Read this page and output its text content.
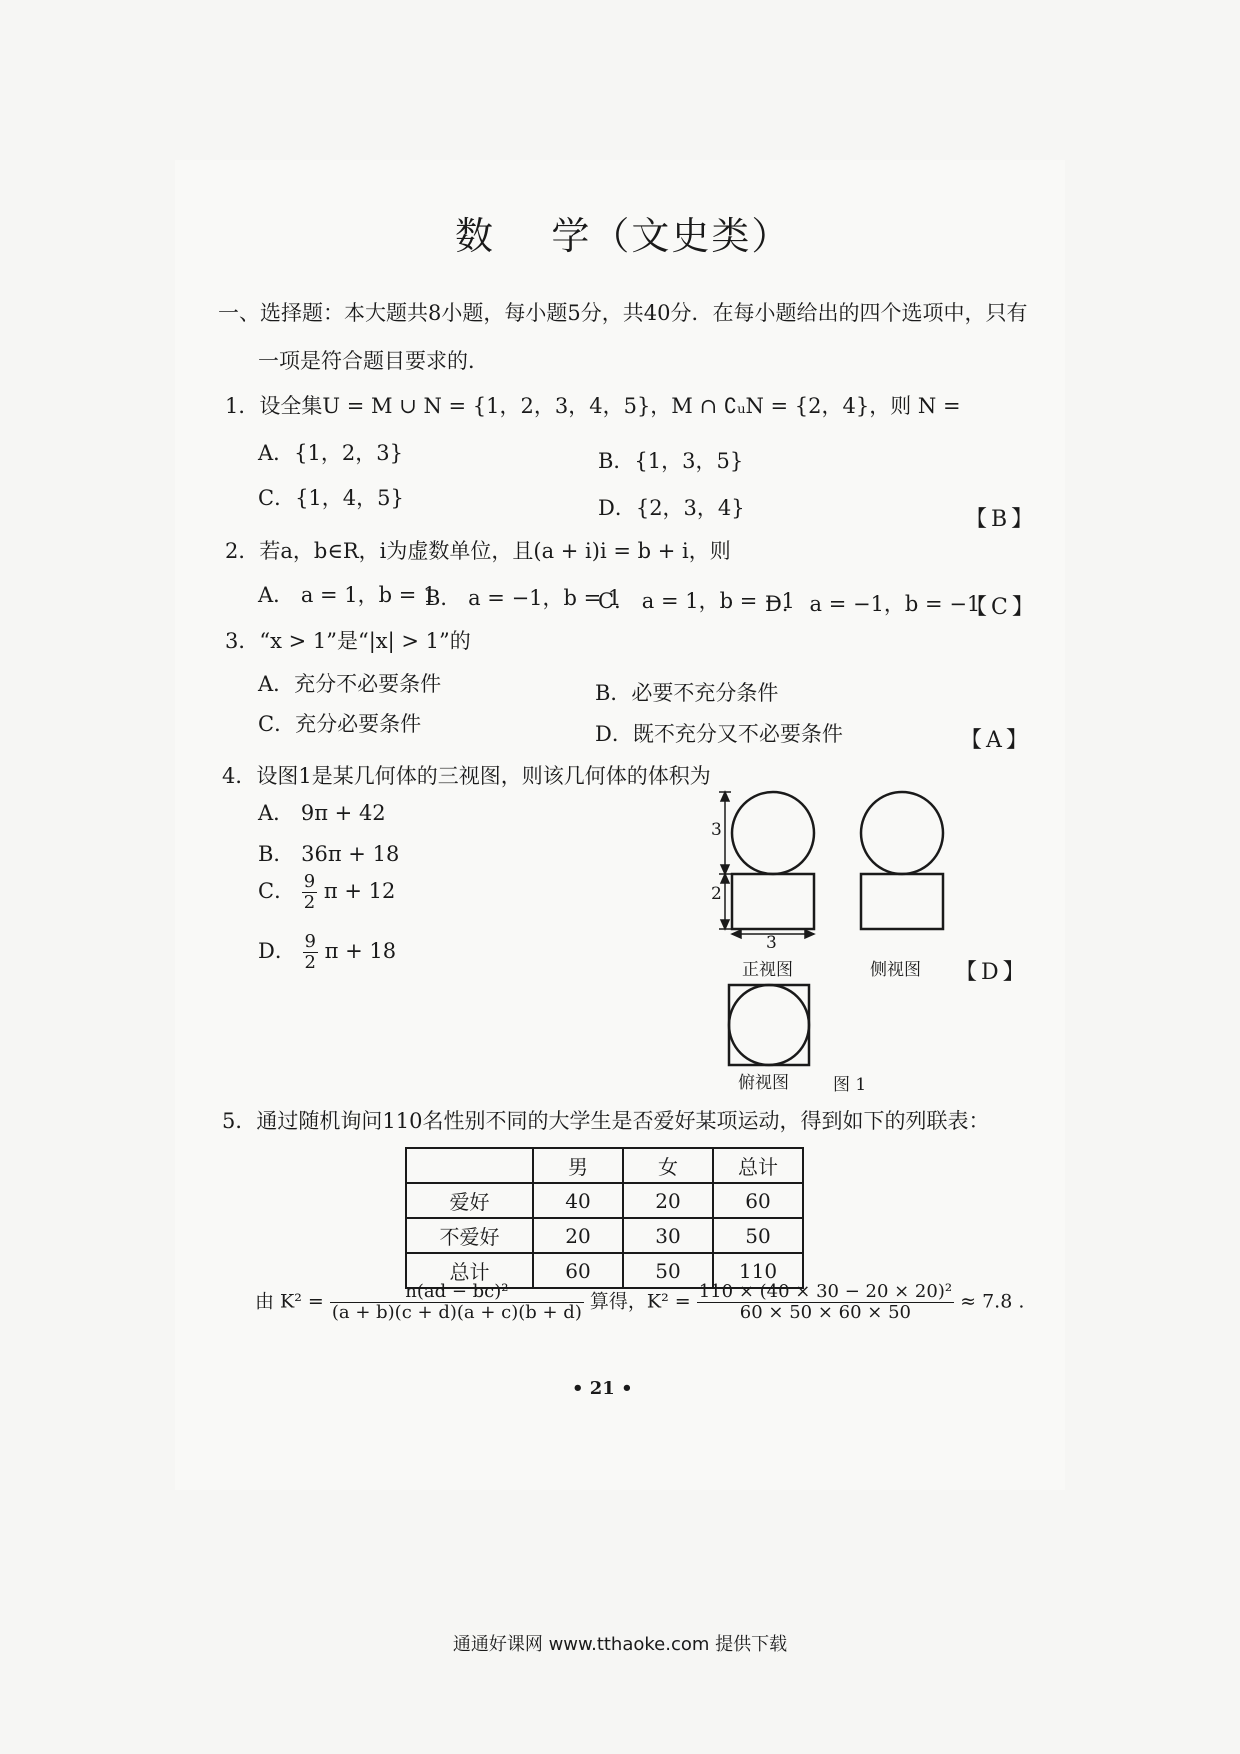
数    学（文史类）
一、选择题：本大题共8小题，每小题5分，共40分．在每小题给出的四个选项中，只有
一项是符合题目要求的．
1．设全集U = M ∪ N = {1，2，3，4，5}，M ∩ ∁ᵤN = {2，4}，则 N =
A．{1，2，3}	B．{1，3，5}
C．{1，4，5}	D．{2，3，4}	【B】
2．若a，b∈R，i为虚数单位，且(a + i)i = b + i，则
A． a = 1，b = 1
B． a = −1，b = 1
C． a = 1，b = −1
D． a = −1，b = −1
【C】
3．“x > 1”是“|x| > 1”的
A．充分不必要条件	B．必要不充分条件
C．充分必要条件	D．既不充分又不必要条件	【A】
4．设图1是某几何体的三视图，则该几何体的体积为
A． 9π + 42
B． 36π + 18
C． $\frac{9}{2}$ π + 12
D． $\frac{9}{2}$ π + 18
【D】
3
2
3
正视图	侧视图
俯视图	图 1
5．通过随机询问110名性别不同的大学生是否爱好某项运动，得到如下的列联表：
	男	女	总计
爱好	40	20	60
不爱好	20	30	50
总计	60	50	110
由 $K^2 = \frac{\text{n(ad − bc)²}}{(a + b)(c + d)(a + c)(b + d)}$ 算得，$K^2 = \frac{\text{110 × (40 × 30 − 20 × 20)²}}{60 \times 50 \times 60 \times 50} \approx 7.8$ .
• 21 •
通通好课网 www.tthaoke.com 提供下载
